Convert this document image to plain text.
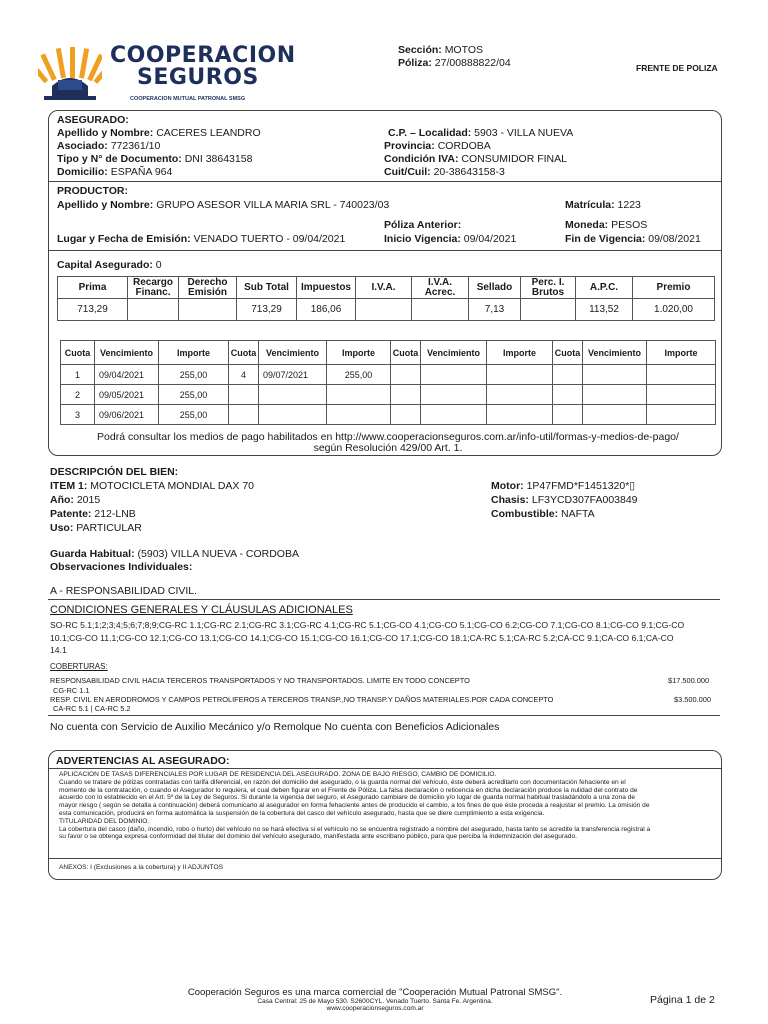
COOPERACION
SEGUROS
COOPERACION MUTUAL PATRONAL SMSG
Sección: MOTOS
Póliza: 27/00888822/04	FRENTE DE POLIZA
ASEGURADO:
Apellido y Nombre: CACERES LEANDRO
Asociado: 772361/10
Tipo y N° de Documento: DNI 38643158
Domicilio: ESPAÑA 964
C.P. – Localidad: 5903 - VILLA NUEVA
Provincia: CORDOBA
Condición IVA: CONSUMIDOR FINAL
Cuit/Cuil: 20-38643158-3
PRODUCTOR:
Apellido y Nombre: GRUPO ASESOR VILLA MARIA SRL - 740023/03	Matrícula: 1223
Póliza Anterior:	Moneda: PESOS
Lugar y Fecha de Emisión: VENADO TUERTO - 09/04/2021	Inicio Vigencia: 09/04/2021	Fin de Vigencia: 09/08/2021
Capital Asegurado: 0
Prima	Recargo Financ.	Derecho Emisión	Sub Total	Impuestos	I.V.A.	I.V.A. Acrec.	Sellado	Perc. I. Brutos	A.P.C.	Premio
713,29			713,29	186,06			7,13		113,52	1.020,00
Cuota	Vencimiento	Importe	Cuota	Vencimiento	Importe	Cuota	Vencimiento	Importe	Cuota	Vencimiento	Importe
1	09/04/2021	255,00	4	09/07/2021	255,00						
2	09/05/2021	255,00									
3	09/06/2021	255,00									
Podrá consultar los medios de pago habilitados en http://www.cooperacionseguros.com.ar/info-util/formas-y-medios-de-pago/
según Resolución 429/00 Art. 1.
DESCRIPCIÓN DEL BIEN:
ITEM 1: MOTOCICLETA MONDIAL DAX 70
Año: 2015
Patente: 212-LNB
Uso: PARTICULAR
Motor: 1P47FMD*F1451320*▯
Chasis: LF3YCD307FA003849
Combustible: NAFTA
Guarda Habitual: (5903) VILLA NUEVA - CORDOBA
Observaciones Individuales:
A - RESPONSABILIDAD CIVIL.
CONDICIONES GENERALES Y CLÁUSULAS ADICIONALES
SO-RC 5.1;1;2;3;4;5;6;7;8;9;CG-RC 1.1;CG-RC 2.1;CG-RC 3.1;CG-RC 4.1;CG-RC 5.1;CG-CO 4.1;CG-CO 5.1;CG-CO 6.2;CG-CO 7.1;CG-CO 8.1;CG-CO 9.1;CG-CO
10.1;CG-CO 11.1;CG-CO 12.1;CG-CO 13.1;CG-CO 14.1;CG-CO 15.1;CG-CO 16.1;CG-CO 17.1;CG-CO 18.1;CA-RC 5.1;CA-RC 5.2;CA-CC 9.1;CA-CO 6.1;CA-CO
14.1
COBERTURAS:
RESPONSABILIDAD CIVIL HACIA TERCEROS TRANSPORTADOS Y NO TRANSPORTADOS. LIMITE EN TODO CONCEPTO	$17.500.000
CG-RC 1.1
RESP. CIVIL EN AERODROMOS Y CAMPOS PETROLIFEROS A TERCEROS TRANSP.,NO TRANSP.Y DAÑOS MATERIALES.POR CADA CONCEPTO	$3.500.000
CA-RC 5.1 | CA-RC 5.2
No cuenta con Servicio de Auxilio Mecánico y/o Remolque No cuenta con Beneficios Adicionales
ADVERTENCIAS AL ASEGURADO:
APLICACION DE TASAS DIFERENCIALES POR LUGAR DE RESIDENCIA DEL ASEGURADO. ZONA DE BAJO RIESGO, CAMBIO DE DOMICILIO.
Cuando se tratare de pólizas contratadas con tarifa diferencial, en razón del domicilio del asegurado, o la guarda normal del vehículo, éste deberá acreditarlo con documentación fehaciente en el
momento de la contratación, o cuando el Asegurador lo requiera, el cual deben figurar en el Frente de Póliza. La falsa declaración o reticencia en dicha declaración produce la nulidad del contrato de
acuerdo con lo establecido en el Art. 5º de la Ley de Seguros. Si durante la vigencia del seguro, el Asegurado cambiare de domicilio y/o lugar de guarda normal habitual trasladándolo a una zona de
mayor riesgo ( según se detalla a continuación) deberá comunicarlo al asegurador en forma fehaciente antes de producido el cambio, a los fines de que éste proceda a reajustar el premio. La omisión de
esta comunicación, producirá en forma automática la suspensión de la cobertura del casco del vehículo asegurado, hasta que se diere cumplimiento a esta exigencia.
TITULARIDAD DEL DOMINIO.
La cobertura del casco (daño, incendio, robo o hurto) del vehículo no se hará efectiva si el vehículo no se encuentra registrado a nombre del asegurado, hasta tanto se acredite la transferencia registral a
su favor o se obtenga expresa conformidad del titular del dominio del vehículo asegurado, manifestada ante escribano público, para que perciba la indemnización del asegurado.
ANEXOS: I (Exclusiones a la cobertura) y II ADJUNTOS
Cooperación Seguros es una marca comercial de "Cooperación Mutual Patronal SMSG".
Casa Central: 25 de Mayo 530. S2600CYL. Venado Tuerto. Santa Fe. Argentina.
www.cooperacionseguros.com.ar
Página 1 de 2
